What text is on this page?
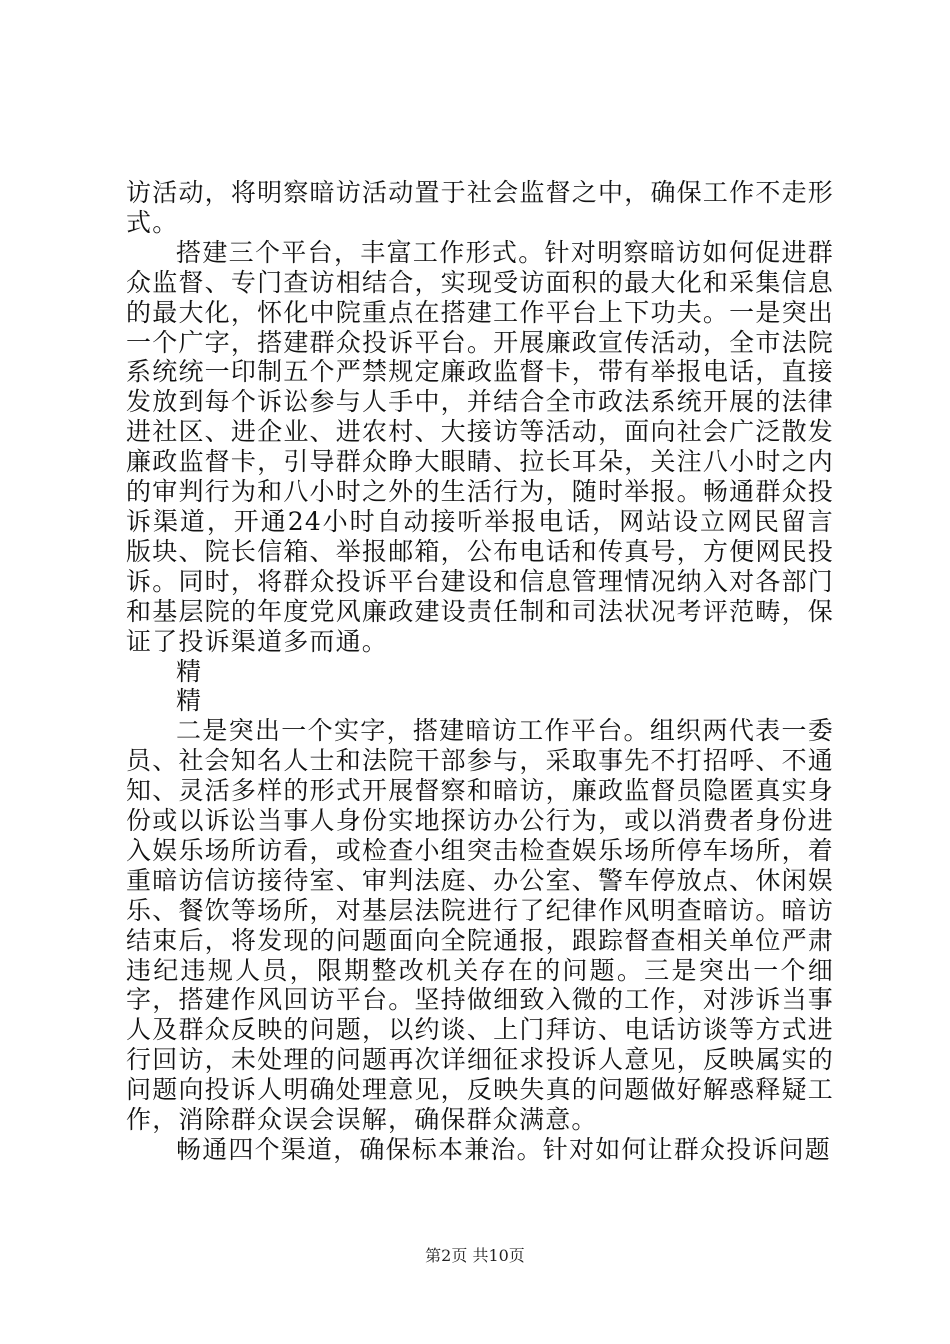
访活动，将明察暗访活动置于社会监督之中，确保工作不走形式。

搭建三个平台，丰富工作形式。针对明察暗访如何促进群众监督、专门查访相结合，实现受访面积的最大化和采集信息的最大化，怀化中院重点在搭建工作平台上下功夫。一是突出一个广字，搭建群众投诉平台。开展廉政宣传活动，全市法院系统统一印制五个严禁规定廉政监督卡，带有举报电话，直接发放到每个诉讼参与人手中，并结合全市政法系统开展的法律进社区、进企业、进农村、大接访等活动，面向社会广泛散发廉政监督卡，引导群众睁大眼睛、拉长耳朵，关注八小时之内的审判行为和八小时之外的生活行为，随时举报。畅通群众投诉渠道，开通24小时自动接听举报电话，网站设立网民留言版块、院长信箱、举报邮箱，公布电话和传真号，方便网民投诉。同时，将群众投诉平台建设和信息管理情况纳入对各部门和基层院的年度党风廉政建设责任制和司法状况考评范畴，保证了投诉渠道多而通。

精

精

二是突出一个实字，搭建暗访工作平台。组织两代表一委员、社会知名人士和法院干部参与，采取事先不打招呼、不通知、灵活多样的形式开展督察和暗访，廉政监督员隐匿真实身份或以诉讼当事人身份实地探访办公行为，或以消费者身份进入娱乐场所访看，或检查小组突击检查娱乐场所停车场所，着重暗访信访接待室、审判法庭、办公室、警车停放点、休闲娱乐、餐饮等场所，对基层法院进行了纪律作风明查暗访。暗访结束后，将发现的问题面向全院通报，跟踪督查相关单位严肃违纪违规人员，限期整改机关存在的问题。三是突出一个细字，搭建作风回访平台。坚持做细致入微的工作，对涉诉当事人及群众反映的问题，以约谈、上门拜访、电话访谈等方式进行回访，未处理的问题再次详细征求投诉人意见，反映属实的问题向投诉人明确处理意见，反映失真的问题做好解惑释疑工作，消除群众误会误解，确保群众满意。

畅通四个渠道，确保标本兼治。针对如何让群众投诉问题

第2页 共10页
